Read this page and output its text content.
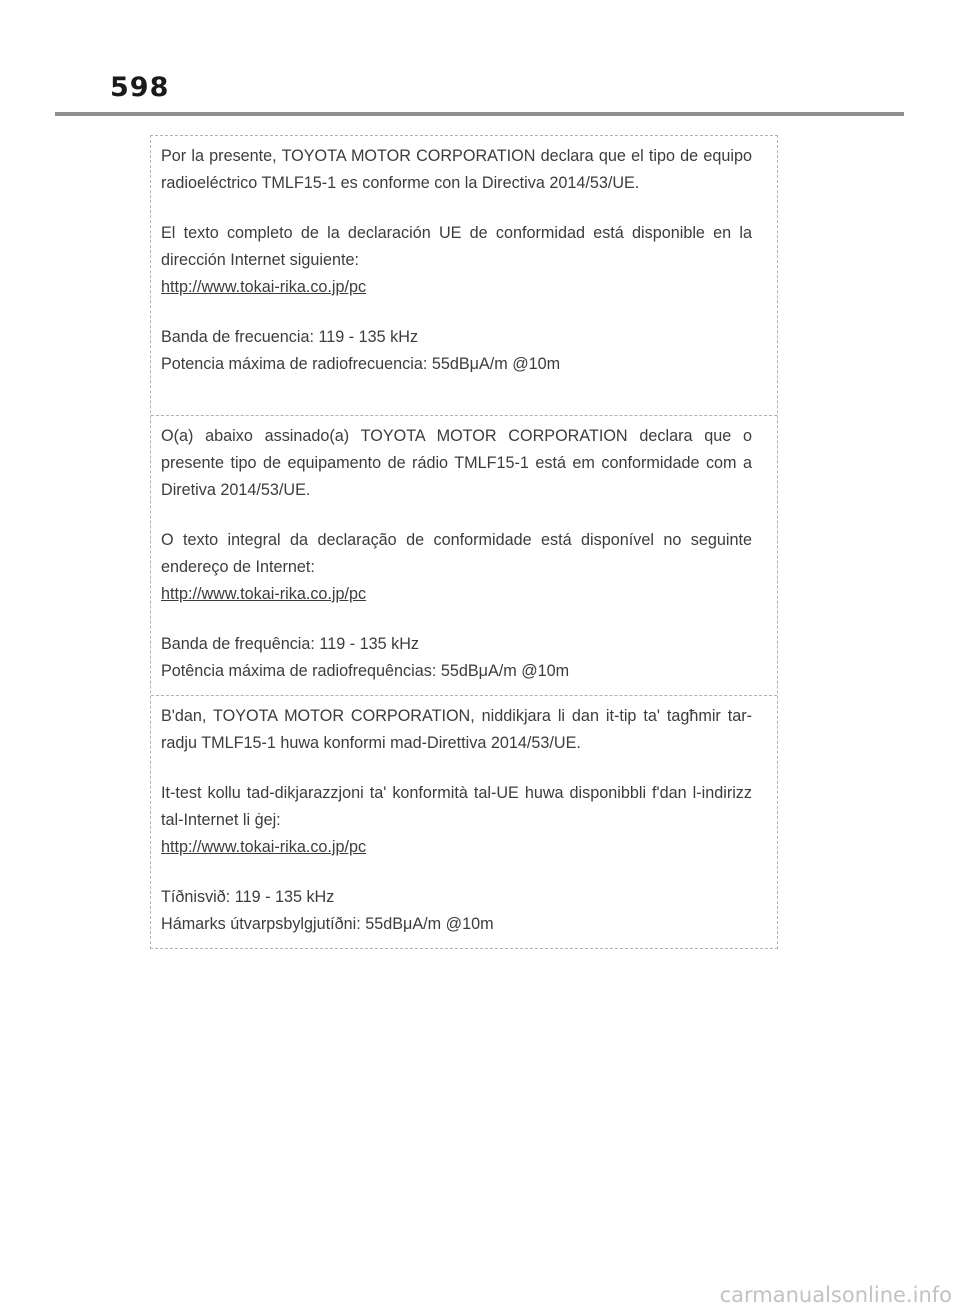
598

Por la presente, TOYOTA MOTOR CORPORATION declara que el tipo de equipo radioeléctrico TMLF15-1 es conforme con la Directiva 2014/53/UE.

El texto completo de la declaración UE de conformidad está disponible en la dirección Internet siguiente:

http://www.tokai-rika.co.jp/pc

Banda de frecuencia: 119 - 135 kHz

Potencia máxima de radiofrecuencia: 55dBμA/m @10m

O(a) abaixo assinado(a) TOYOTA MOTOR CORPORATION declara que o presente tipo de equipamento de rádio TMLF15-1 está em conformidade com a Diretiva 2014/53/UE.

O texto integral da declaração de conformidade está disponível no seguinte endereço de Internet:

http://www.tokai-rika.co.jp/pc

Banda de frequência: 119 - 135 kHz

Potência máxima de radiofrequências: 55dBμA/m @10m

B'dan, TOYOTA MOTOR CORPORATION, niddikjara li dan it-tip ta' tagħmir tar-radju TMLF15-1 huwa konformi mad-Direttiva 2014/53/UE.

It-test kollu tad-dikjarazzjoni ta' konformità tal-UE huwa disponibbli f'dan l-indirizz tal-Internet li ġej:

http://www.tokai-rika.co.jp/pc

Tíðnisvið: 119 - 135 kHz

Hámarks útvarpsbylgjutíðni: 55dBμA/m @10m

carmanualsonline.info
